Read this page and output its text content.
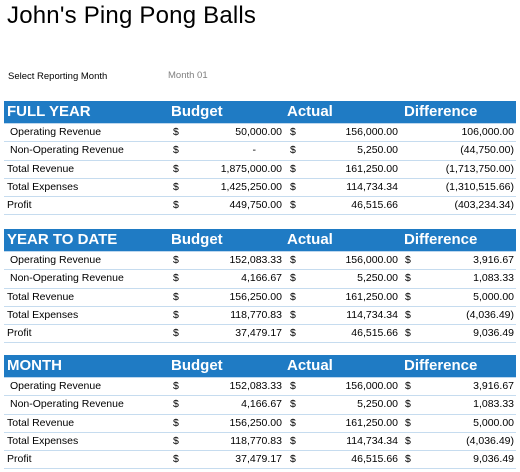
John's Ping Pong Balls
Select Reporting Month	Month 01
FULL YEAR	Budget	Actual	Difference
Operating Revenue	$	50,000.00 $	156,000.00	106,000.00
Non-Operating Revenue	$	-	$	5,250.00	(44,750.00)
Total Revenue	$	1,875,000.00 $	161,250.00	(1,713,750.00)
Total Expenses	$	1,425,250.00 $	114,734.34	(1,310,515.66)
Profit	$	449,750.00 $	46,515.66	(403,234.34)
YEAR TO DATE	Budget	Actual	Difference
Operating Revenue	$	152,083.33 $	156,000.00 $	3,916.67
Non-Operating Revenue	$	4,166.67 $	5,250.00 $	1,083.33
Total Revenue	$	156,250.00 $	161,250.00 $	5,000.00
Total Expenses	$	118,770.83 $	114,734.34 $	(4,036.49)
Profit	$	37,479.17 $	46,515.66 $	9,036.49
MONTH	Budget	Actual	Difference
Operating Revenue	$	152,083.33 $	156,000.00 $	3,916.67
Non-Operating Revenue	$	4,166.67 $	5,250.00 $	1,083.33
Total Revenue	$	156,250.00 $	161,250.00 $	5,000.00
Total Expenses	$	118,770.83 $	114,734.34 $	(4,036.49)
Profit	$	37,479.17 $	46,515.66 $	9,036.49
